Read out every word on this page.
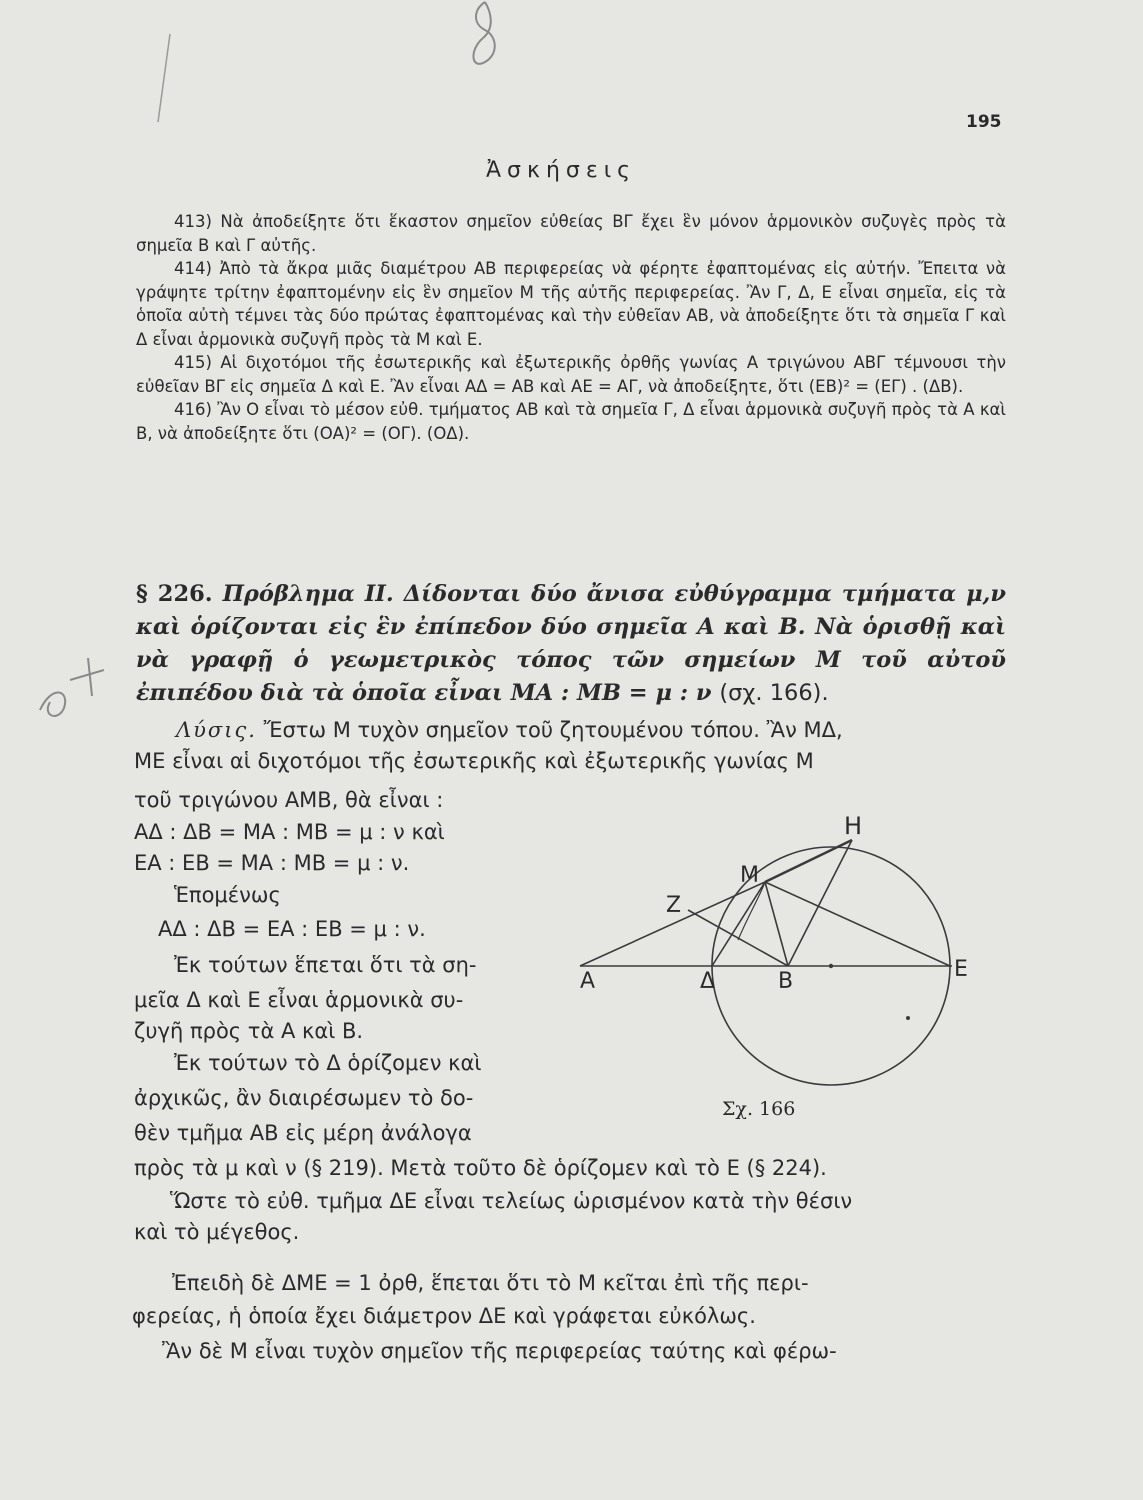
195
Ἀσκήσεις

413) Νὰ ἀποδείξητε ὅτι ἕκαστον σημεῖον εὐθείας ΒΓ ἔχει ἓν μόνον ἁρμονικὸν συζυγὲς πρὸς τὰ σημεῖα Β καὶ Γ αὐτῆς.

414) Ἀπὸ τὰ ἄκρα μιᾶς διαμέτρου ΑΒ περιφερείας νὰ φέρητε ἐφαπτομένας εἰς αὐτήν. Ἔπειτα νὰ γράψητε τρίτην ἐφαπτομένην εἰς ἓν σημεῖον Μ τῆς αὐτῆς περιφερείας. Ἂν Γ, Δ, Ε εἶναι σημεῖα, εἰς τὰ ὁποῖα αὐτὴ τέμνει τὰς δύο πρώτας ἐφαπτομένας καὶ τὴν εὐθεῖαν ΑΒ, νὰ ἀποδείξητε ὅτι τὰ σημεῖα Γ καὶ Δ εἶναι ἁρμονικὰ συζυγῆ πρὸς τὰ Μ καὶ Ε.

415) Αἱ διχοτόμοι τῆς ἐσωτερικῆς καὶ ἐξωτερικῆς ὀρθῆς γωνίας Α τριγώνου ΑΒΓ τέμνουσι τὴν εὐθεῖαν ΒΓ εἰς σημεῖα Δ καὶ Ε. Ἂν εἶναι ΑΔ = ΑΒ καὶ ΑΕ = ΑΓ, νὰ ἀποδείξητε, ὅτι (ΕΒ)² = (ΕΓ) . (ΔΒ).

416) Ἂν Ο εἶναι τὸ μέσον εὐθ. τμήματος ΑΒ καὶ τὰ σημεῖα Γ, Δ εἶναι ἁρμονικὰ συζυγῆ πρὸς τὰ Α καὶ Β, νὰ ἀποδείξητε ὅτι (ΟΑ)² = (ΟΓ). (ΟΔ).

§ 226. Πρόβλημα ΙΙ. Δίδονται δύο ἄνισα εὐθύγραμμα τμήματα μ,ν καὶ ὁρίζονται εἰς ἓν ἐπίπεδον δύο σημεῖα Α καὶ Β. Νὰ ὁρισθῇ καὶ νὰ γραφῇ ὁ γεωμετρικὸς τόπος τῶν σημείων Μ τοῦ αὐτοῦ ἐπιπέδου διὰ τὰ ὁποῖα εἶναι ΜΑ : ΜΒ = μ : ν (σχ. 166).
Λύσις. Ἔστω Μ τυχὸν σημεῖον τοῦ ζητουμένου τόπου. Ἂν ΜΔ,
ΜΕ εἶναι αἱ διχοτόμοι τῆς ἐσωτερικῆς καὶ ἐξωτερικῆς γωνίας Μ
τοῦ τριγώνου ΑΜΒ, θὰ εἶναι :
ΑΔ : ΔΒ = ΜΑ : ΜΒ = μ : ν καὶ
ΕΑ : ΕΒ = ΜΑ : ΜΒ = μ : ν.
Ἑπομένως
ΑΔ : ΔΒ = ΕΑ : ΕΒ = μ : ν.
Ἐκ τούτων ἕπεται ὅτι τὰ ση-
μεῖα Δ καὶ Ε εἶναι ἁρμονικὰ συ-
ζυγῆ πρὸς τὰ Α καὶ Β.
Ἐκ τούτων τὸ Δ ὁρίζομεν καὶ
ἀρχικῶς, ἂν διαιρέσωμεν τὸ δο-
θὲν τμῆμα ΑΒ εἰς μέρη ἀνάλογα
πρὸς τὰ μ καὶ ν (§ 219). Μετὰ τοῦτο δὲ ὁρίζομεν καὶ τὸ Ε (§ 224).
Ὥστε τὸ εὐθ. τμῆμα ΔΕ εἶναι τελείως ὡρισμένον κατὰ τὴν θέσιν
καὶ τὸ μέγεθος.
Ἐπειδὴ δὲ ΔΜΕ = 1 ὀρθ, ἕπεται ὅτι τὸ Μ κεῖται ἐπὶ τῆς περι-
φερείας, ἡ ὁποία ἔχει διάμετρον ΔΕ καὶ γράφεται εὐκόλως.
Ἂν δὲ Μ εἶναι τυχὸν σημεῖον τῆς περιφερείας ταύτης καὶ φέρω-
Η
Μ
Ζ
Α	Δ	Β	Ε
Σχ. 166
